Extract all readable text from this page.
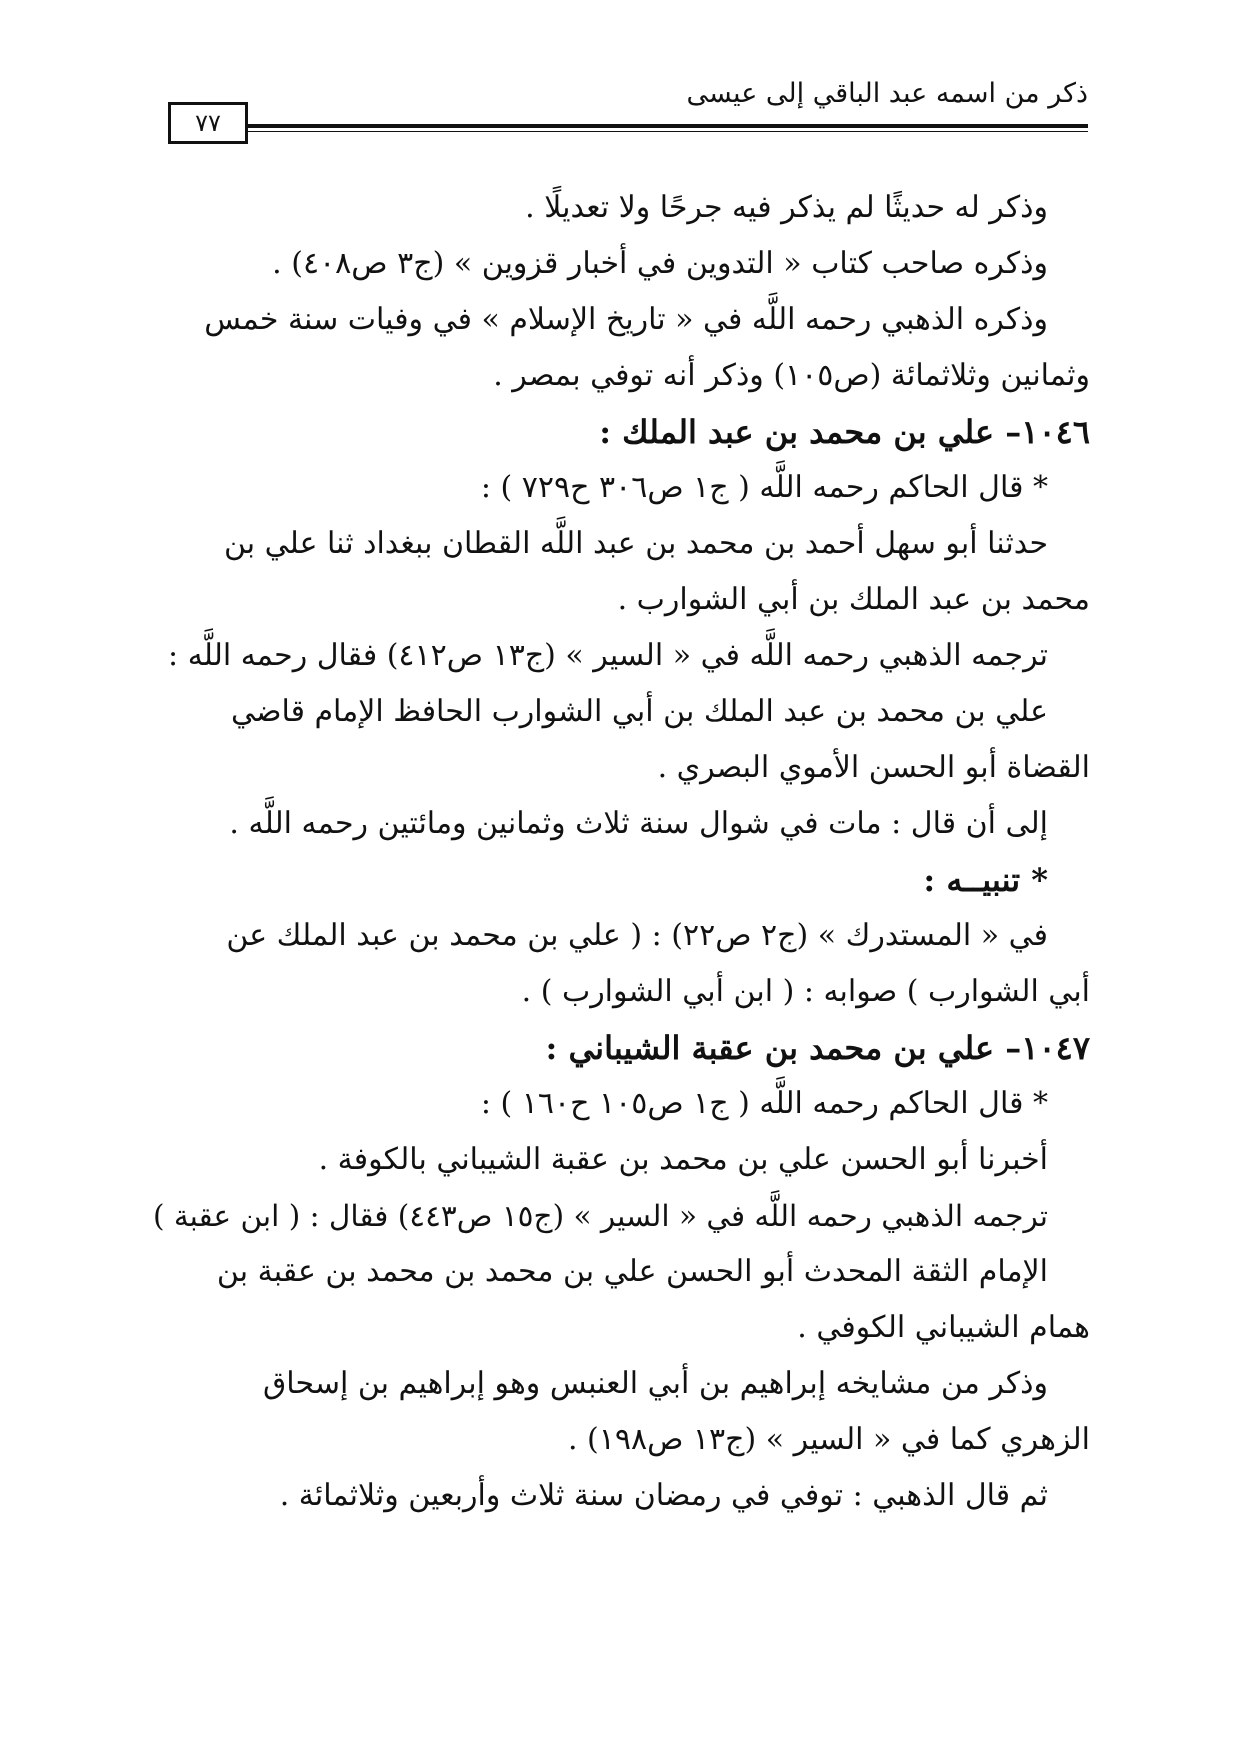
٧٧
ذكر من اسمه عبد الباقي إلى عيسى
وذكر له حديثًا لم يذكر فيه جرحًا ولا تعديلًا .
وذكره صاحب كتاب « التدوين في أخبار قزوين » (ج٣ ص٤٠٨) .
وذكره الذهبي رحمه اللَّه في « تاريخ الإسلام » في وفيات سنة خمس
وثمانين وثلاثمائة (ص١٠٥) وذكر أنه توفي بمصر .
١٠٤٦– علي بن محمد بن عبد الملك :
* قال الحاكم رحمه اللَّه ( ج١ ص٣٠٦ ح٧٢٩ ) :
حدثنا أبو سهل أحمد بن محمد بن عبد اللَّه القطان ببغداد ثنا علي بن
محمد بن عبد الملك بن أبي الشوارب .
ترجمه الذهبي رحمه اللَّه في « السير » (ج١٣ ص٤١٢) فقال رحمه اللَّه :
علي بن محمد بن عبد الملك بن أبي الشوارب الحافظ الإمام قاضي
القضاة أبو الحسن الأموي البصري .
إلى أن قال : مات في شوال سنة ثلاث وثمانين ومائتين رحمه اللَّه .
* تنبيــه :
في « المستدرك » (ج٢ ص٢٢) : ( علي بن محمد بن عبد الملك عن
أبي الشوارب ) صوابه : ( ابن أبي الشوارب ) .
١٠٤٧– علي بن محمد بن عقبة الشيباني :
* قال الحاكم رحمه اللَّه ( ج١ ص١٠٥ ح١٦٠ ) :
أخبرنا أبو الحسن علي بن محمد بن عقبة الشيباني بالكوفة .
ترجمه الذهبي رحمه اللَّه في « السير » (ج١٥ ص٤٤٣) فقال : ( ابن عقبة )
الإمام الثقة المحدث أبو الحسن علي بن محمد بن محمد بن عقبة بن
همام الشيباني الكوفي .
وذكر من مشايخه إبراهيم بن أبي العنبس وهو إبراهيم بن إسحاق
الزهري كما في « السير » (ج١٣ ص١٩٨) .
ثم قال الذهبي : توفي في رمضان سنة ثلاث وأربعين وثلاثمائة .
